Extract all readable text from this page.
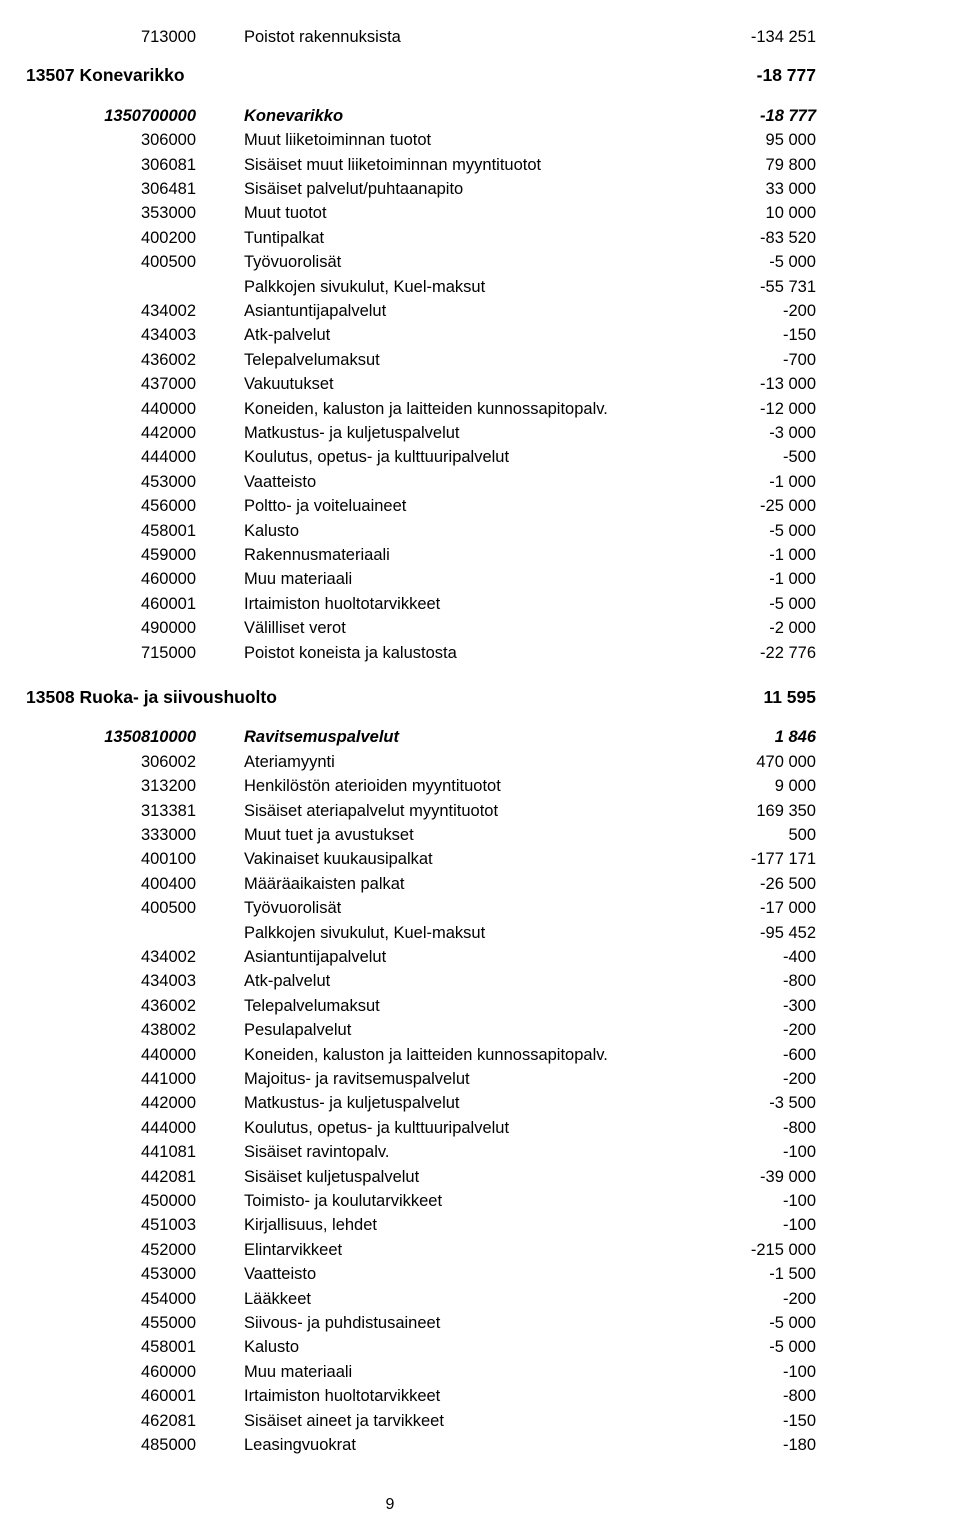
713000	Poistot rakennuksista	-134 251
13507 Konevarikko	-18 777
1350700000	Konevarikko	-18 777
306000	Muut liiketoiminnan tuotot	95 000
306081	Sisäiset muut liiketoiminnan myyntituotot	79 800
306481	Sisäiset palvelut/puhtaanapito	33 000
353000	Muut tuotot	10 000
400200	Tuntipalkat	-83 520
400500	Työvuorolisät	-5 000
Palkkojen sivukulut, Kuel-maksut	-55 731
434002	Asiantuntijapalvelut	-200
434003	Atk-palvelut	-150
436002	Telepalvelumaksut	-700
437000	Vakuutukset	-13 000
440000	Koneiden, kaluston ja laitteiden kunnossapitopalv.	-12 000
442000	Matkustus- ja kuljetuspalvelut	-3 000
444000	Koulutus, opetus- ja kulttuuripalvelut	-500
453000	Vaatteisto	-1 000
456000	Poltto- ja voiteluaineet	-25 000
458001	Kalusto	-5 000
459000	Rakennusmateriaali	-1 000
460000	Muu materiaali	-1 000
460001	Irtaimiston huoltotarvikkeet	-5 000
490000	Välilliset verot	-2 000
715000	Poistot koneista ja kalustosta	-22 776
13508 Ruoka- ja siivoushuolto	11 595
1350810000	Ravitsemuspalvelut	1 846
306002	Ateriamyynti	470 000
313200	Henkilöstön aterioiden myyntituotot	9 000
313381	Sisäiset ateriapalvelut myyntituotot	169 350
333000	Muut tuet ja avustukset	500
400100	Vakinaiset kuukausipalkat	-177 171
400400	Määräaikaisten palkat	-26 500
400500	Työvuorolisät	-17 000
Palkkojen sivukulut, Kuel-maksut	-95 452
434002	Asiantuntijapalvelut	-400
434003	Atk-palvelut	-800
436002	Telepalvelumaksut	-300
438002	Pesulapalvelut	-200
440000	Koneiden, kaluston ja laitteiden kunnossapitopalv.	-600
441000	Majoitus- ja ravitsemuspalvelut	-200
442000	Matkustus- ja kuljetuspalvelut	-3 500
444000	Koulutus, opetus- ja kulttuuripalvelut	-800
441081	Sisäiset ravintopalv.	-100
442081	Sisäiset kuljetuspalvelut	-39 000
450000	Toimisto- ja koulutarvikkeet	-100
451003	Kirjallisuus, lehdet	-100
452000	Elintarvikkeet	-215 000
453000	Vaatteisto	-1 500
454000	Lääkkeet	-200
455000	Siivous- ja puhdistusaineet	-5 000
458001	Kalusto	-5 000
460000	Muu materiaali	-100
460001	Irtaimiston huoltotarvikkeet	-800
462081	Sisäiset aineet ja tarvikkeet	-150
485000	Leasingvuokrat	-180
9
